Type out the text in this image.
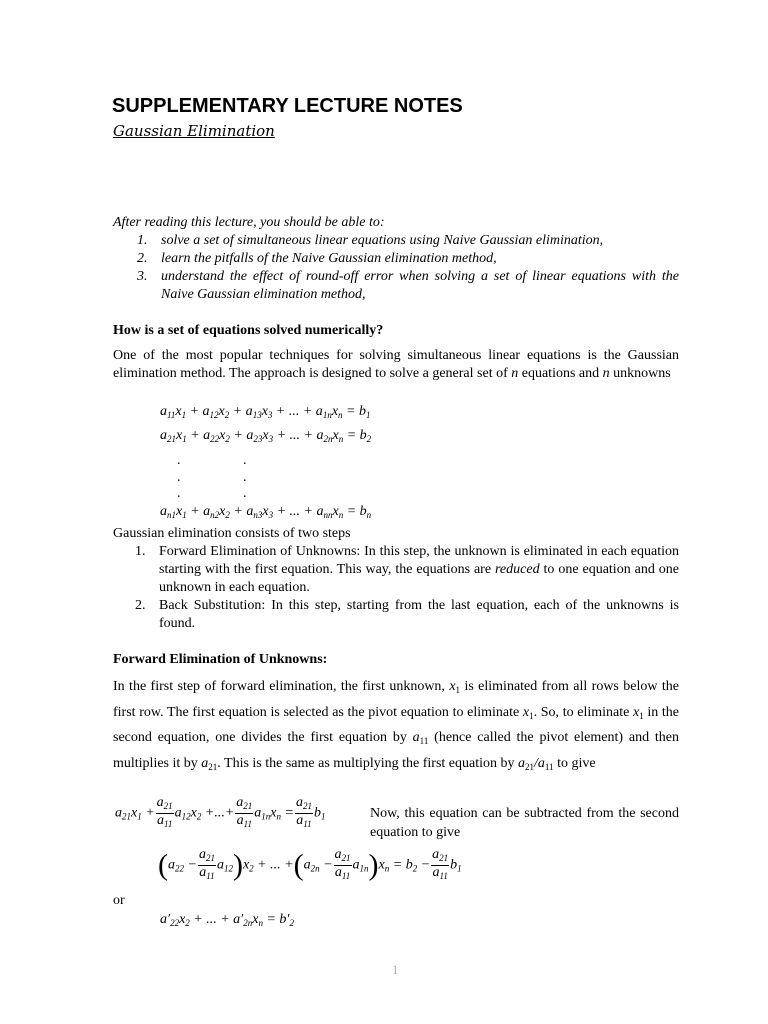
SUPPLEMENTARY LECTURE NOTES
Gaussian Elimination
After reading this lecture, you should be able to:
1. solve a set of simultaneous linear equations using Naive Gaussian elimination,
2. learn the pitfalls of the Naive Gaussian elimination method,
3. understand the effect of round-off error when solving a set of linear equations with the Naive Gaussian elimination method,
How is a set of equations solved numerically?
One of the most popular techniques for solving simultaneous linear equations is the Gaussian elimination method. The approach is designed to solve a general set of n equations and n unknowns
$a_{11}x_1 + a_{12}x_2 + a_{13}x_3$ + ... + $a_{1n}x_n = b_1$
$a_{21}x_1 + a_{22}x_2 + a_{23}x_3$ + ... + $a_{2n}x_n = b_2$
.	.
.	.
.	.
$a_{n1}x_1 + a_{n2}x_2 + a_{n3}x_3$ + ... + $a_{nn}x_n = b_n$
Gaussian elimination consists of two steps
1. Forward Elimination of Unknowns: In this step, the unknown is eliminated in each equation starting with the first equation. This way, the equations are reduced to one equation and one unknown in each equation.
2. Back Substitution: In this step, starting from the last equation, each of the unknowns is found.
Forward Elimination of Unknowns:
In the first step of forward elimination, the first unknown, $x_1$ is eliminated from all rows below the first row. The first equation is selected as the pivot equation to eliminate $x_1$. So, to eliminate $x_1$ in the second equation, one divides the first equation by $a_{11}$ (hence called the pivot element) and then multiplies it by $a_{21}$. This is the same as multiplying the first equation by $a_{21}/a_{11}$ to give
$a_{21}x_1 + \frac{a_{21}}{a_{11}} a_{12}x_2$ +...+ $\frac{a_{21}}{a_{11}} a_{1n}x_n = \frac{a_{21}}{a_{11}} b_1$	Now, this equation can be subtracted from the second equation to give
$(a_{22} - \frac{a_{21}}{a_{11}} a_{12})x_2$ + ... $+(a_{2n} - \frac{a_{21}}{a_{11}} a_{1n})x_n = b_2 - \frac{a_{21}}{a_{11}} b_1$
or
$a'_{22}x_2$ + ... + $a'_{2n}x_n = b'_2$
1
